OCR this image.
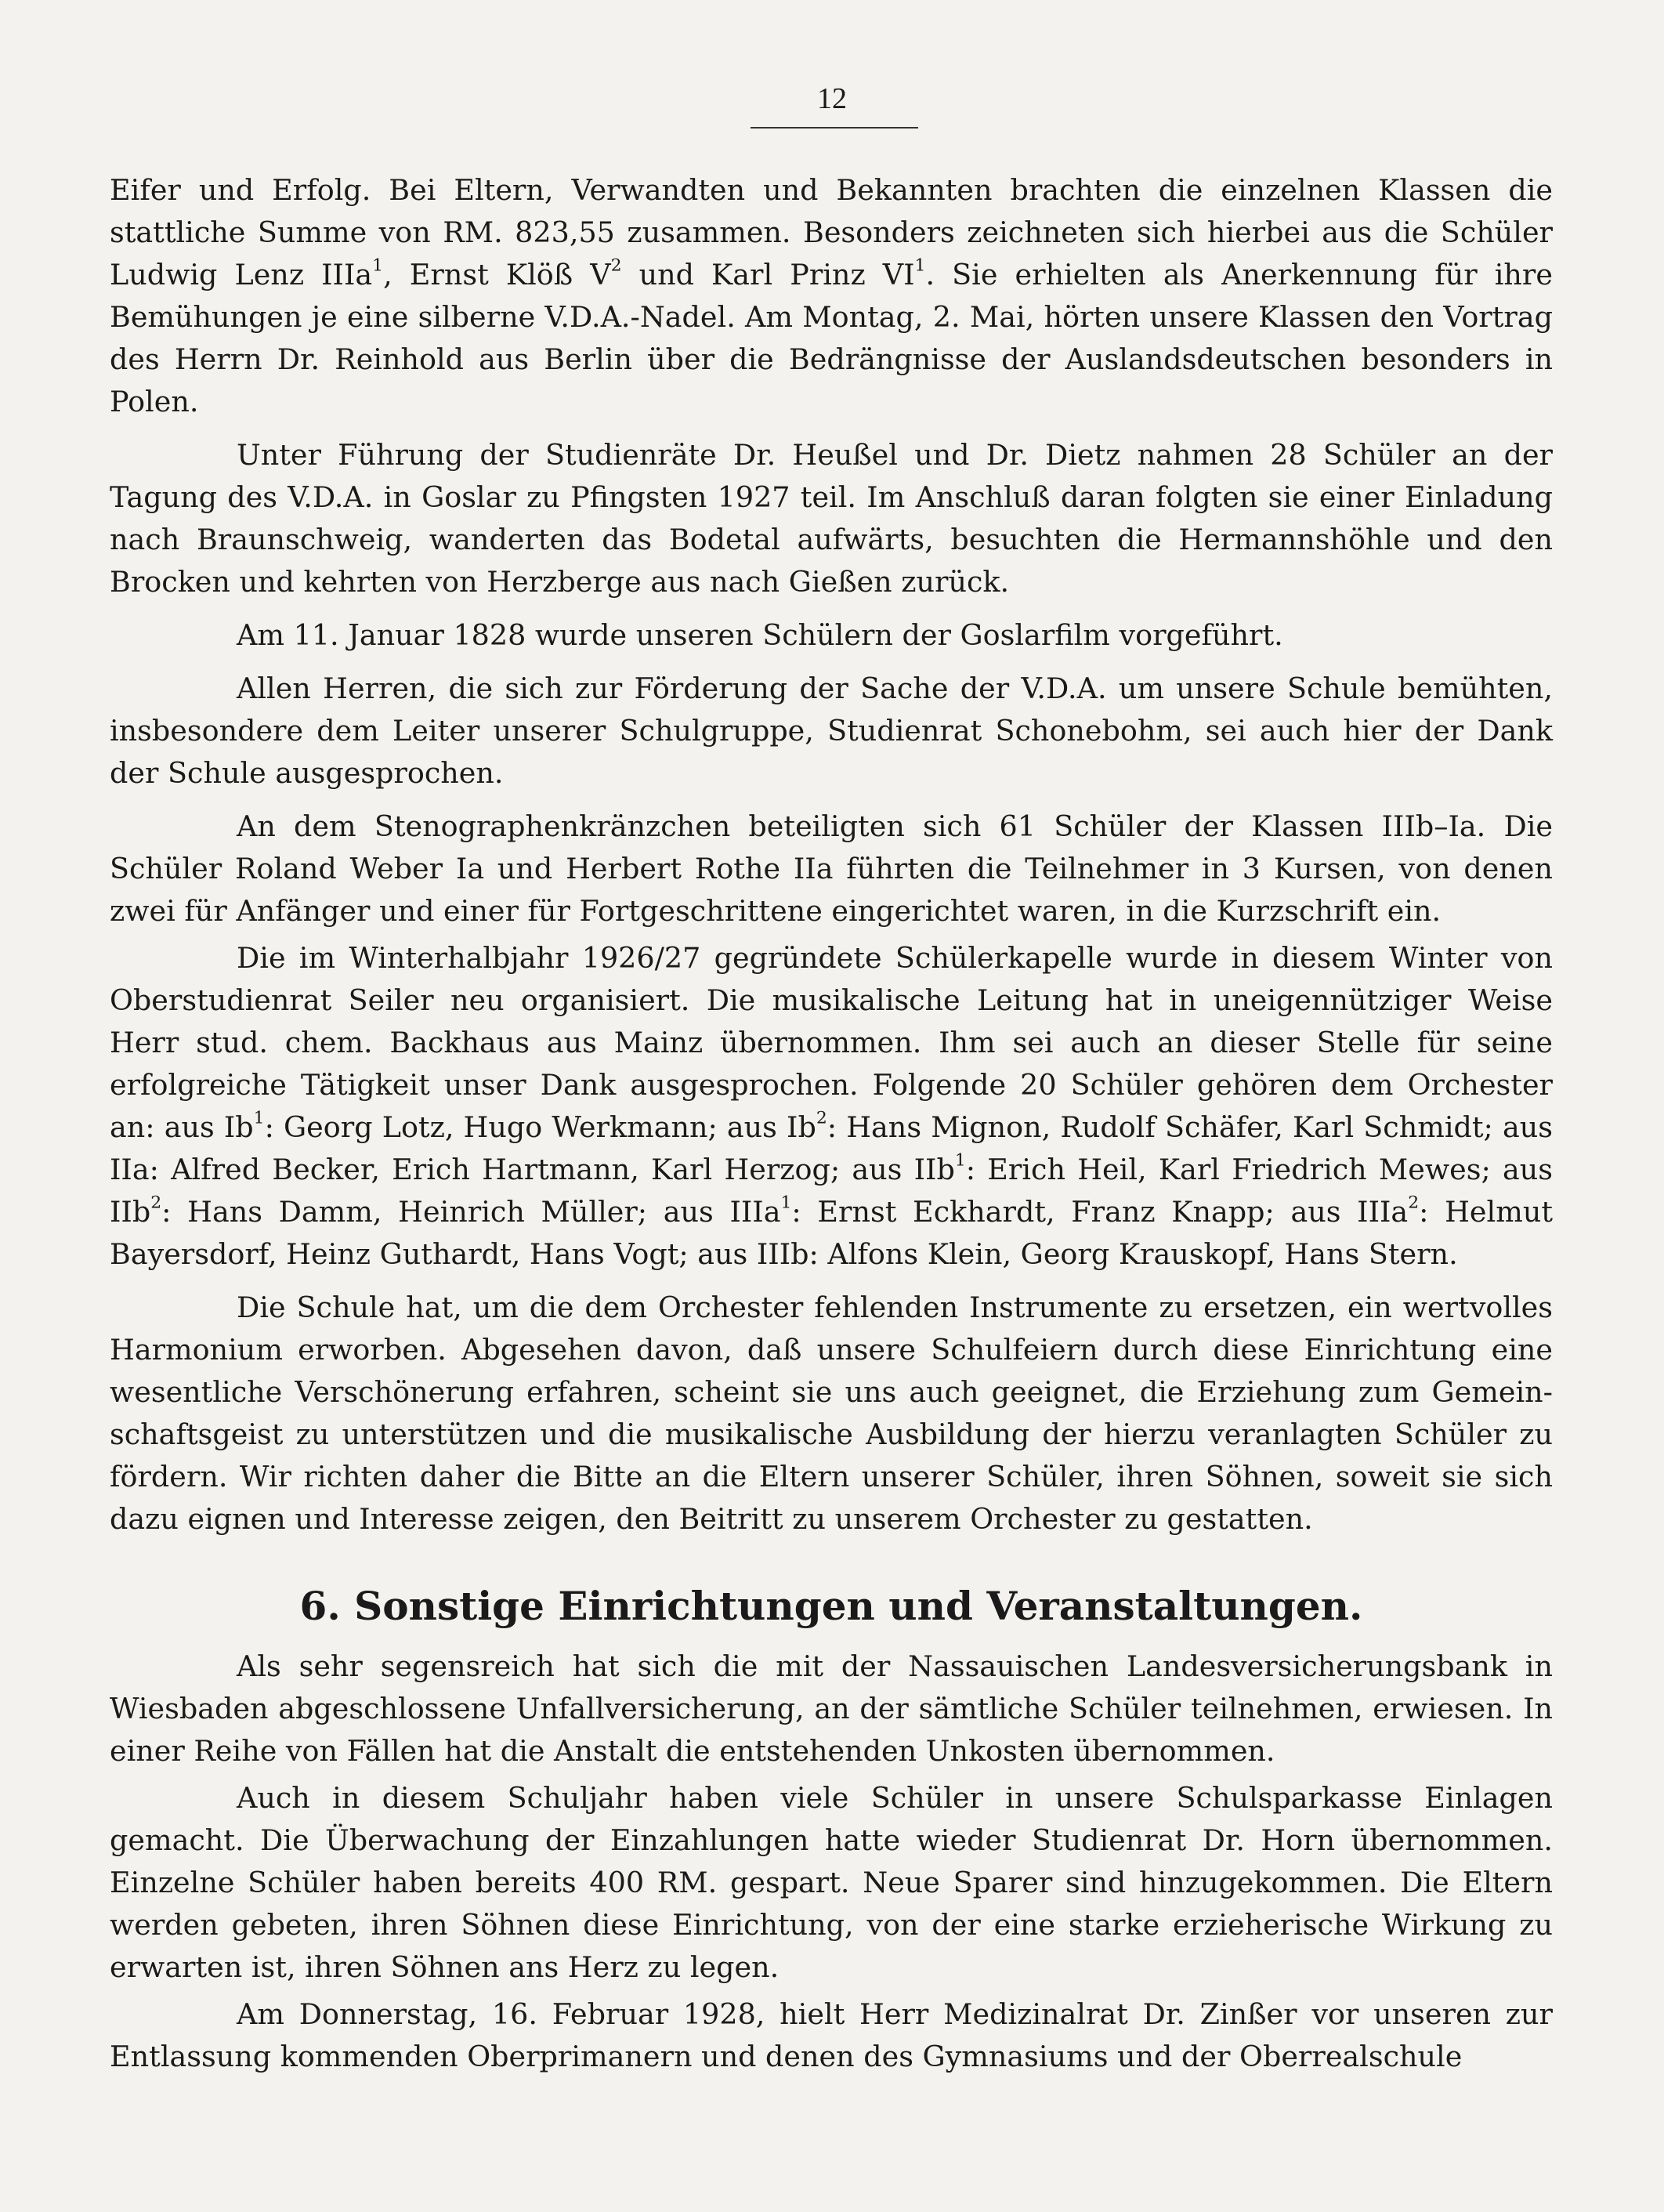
12

Eifer und Erfolg. Bei Eltern, Verwandten und Bekannten brachten die einzelnen Klassen die stattliche Summe von RM. 823,55 zusammen. Besonders zeichneten sich hierbei aus die Schüler Ludwig Lenz IIIa$^1$, Ernst Klöß $V^2$ und Karl Prinz $VI^1$. Sie erhielten als Anerkennung für ihre Bemühungen je eine silberne V.D.A.-Nadel. Am Montag, 2. Mai, hörten unsere Klassen den Vortrag des Herrn Dr. Reinhold aus Berlin über die Bedrängnisse der Auslandsdeutschen besonders in Polen.

Unter Führung der Studienräte Dr. Heußel und Dr. Dietz nahmen 28 Schüler an der Tagung des V.D.A. in Goslar zu Pfingsten 1927 teil. Im Anschluß daran folgten sie einer Einladung nach Braunschweig, wanderten das Bodetal aufwärts, besuchten die Hermannshöhle und den Brocken und kehrten von Herzberge aus nach Gießen zurück.

Am 11. Januar 1828 wurde unseren Schülern der Goslarfilm vorgeführt.

Allen Herren, die sich zur Förderung der Sache der V.D.A. um unsere Schule bemühten, insbesondere dem Leiter unserer Schulgruppe, Studienrat Schonebohm, sei auch hier der Dank der Schule ausgesprochen.

An dem Stenographenkränzchen beteiligten sich 61 Schüler der Klassen IIIb–Ia. Die Schüler Roland Weber Ia und Herbert Rothe IIa führten die Teilnehmer in 3 Kursen, von denen zwei für Anfänger und einer für Fortgeschrittene eingerichtet waren, in die Kurzschrift ein.

Die im Winterhalbjahr 1926/27 gegründete Schülerkapelle wurde in diesem Winter von Oberstudienrat Seiler neu organisiert. Die musikalische Leitung hat in uneigennütziger Weise Herr stud. chem. Backhaus aus Mainz übernommen. Ihm sei auch an dieser Stelle für seine erfolgreiche Tätigkeit unser Dank ausgesprochen. Folgende 20 Schüler gehören dem Orchester an: aus Ib$^1$: Georg Lotz, Hugo Werkmann; aus Ib$^2$: Hans Mignon, Rudolf Schäfer, Karl Schmidt; aus IIa: Alfred Becker, Erich Hartmann, Karl Herzog; aus IIb$^1$: Erich Heil, Karl Friedrich Mewes; aus IIb$^2$: Hans Damm, Heinrich Müller; aus IIIa$^1$: Ernst Eckhardt, Franz Knapp; aus IIIa$^2$: Helmut Bayersdorf, Heinz Guthardt, Hans Vogt; aus IIIb: Alfons Klein, Georg Krauskopf, Hans Stern.

Die Schule hat, um die dem Orchester fehlenden Instrumente zu ersetzen, ein wertvolles Harmonium erworben. Abgesehen davon, daß unsere Schulfeiern durch diese Einrichtung eine wesentliche Verschönerung erfahren, scheint sie uns auch geeignet, die Erziehung zum Gemeinschaftsgeist zu unterstützen und die musikalische Ausbildung der hierzu veranlagten Schüler zu fördern. Wir richten daher die Bitte an die Eltern unserer Schüler, ihren Söhnen, soweit sie sich dazu eignen und Interesse zeigen, den Beitritt zu unserem Orchester zu gestatten.

6. Sonstige Einrichtungen und Veranstaltungen.

Als sehr segensreich hat sich die mit der Nassauischen Landesversicherungsbank in Wiesbaden abgeschlossene Unfallversicherung, an der sämtliche Schüler teilnehmen, erwiesen. In einer Reihe von Fällen hat die Anstalt die entstehenden Unkosten übernommen.

Auch in diesem Schuljahr haben viele Schüler in unsere Schulsparkasse Einlagen gemacht. Die Überwachung der Einzahlungen hatte wieder Studienrat Dr. Horn übernommen. Einzelne Schüler haben bereits 400 RM. gespart. Neue Sparer sind hinzugekommen. Die Eltern werden gebeten, ihren Söhnen diese Einrichtung, von der eine starke erzieherische Wirkung zu erwarten ist, ihren Söhnen ans Herz zu legen.

Am Donnerstag, 16. Februar 1928, hielt Herr Medizinalrat Dr. Zinßer vor unseren zur Entlassung kommenden Oberprimanern und denen des Gymnasiums und der Oberrealschule
